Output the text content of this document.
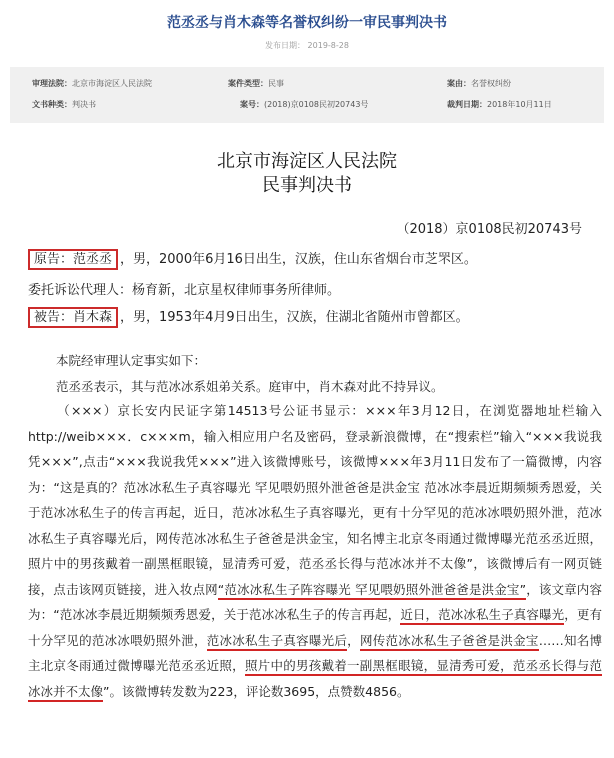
范丞丞与肖木森等名誉权纠纷一审民事判决书
发布日期： 2019-8-28
审理法院：北京市海淀区人民法院	案件类型：民事	案由：名誉权纠纷
文书种类：判决书	案号：(2018)京0108民初20743号	裁判日期：2018年10月11日
北京市海淀区人民法院
民事判决书
（2018）京0108民初20743号
原告：范丞丞 ，男，2000年6月16日出生，汉族，住山东省烟台市芝罘区。
委托诉讼代理人：杨育新，北京星权律师事务所律师。
被告：肖木森 ，男，1953年4月9日出生，汉族，住湖北省随州市曾都区。
本院经审理认定事实如下：
范丞丞表示，其与范冰冰系姐弟关系。庭审中，肖木森对此不持异议。
（×××）京长安内民证字第14513号公证书显示：×××年3月12日，在浏览器地址栏输入http://weib×××．c×××m，输入相应用户名及密码，登录新浪微博，在“搜索栏”输入“×××我说我凭×××”,点击“×××我说我凭×××”进入该微博账号，该微博×××年3月11日发布了一篇微博，内容为：“这是真的？范冰冰私生子真容曝光 罕见喂奶照外泄爸爸是洪金宝 范冰冰李晨近期频频秀恩爱，关于范冰冰私生子的传言再起，近日，范冰冰私生子真容曝光，更有十分罕见的范冰冰喂奶照外泄，范冰冰私生子真容曝光后，网传范冰冰私生子爸爸是洪金宝，知名博主北京冬雨通过微博曝光范丞丞近照，照片中的男孩戴着一副黑框眼镜，显清秀可爱，范丞丞长得与范冰冰并不太像”，该微博后有一网页链接，点击该网页链接，进入妆点网“范冰冰私生子阵容曝光 罕见喂奶照外泄爸爸是洪金宝”，该文章内容为：“范冰冰李晨近期频频秀恩爱，关于范冰冰私生子的传言再起，近日，范冰冰私生子真容曝光，更有十分罕见的范冰冰喂奶照外泄，范冰冰私生子真容曝光后，网传范冰冰私生子爸爸是洪金宝……知名博主北京冬雨通过微博曝光范丞丞近照，照片中的男孩戴着一副黑框眼镜，显清秀可爱，范丞丞长得与范冰冰并不太像”。该微博转发数为223，评论数3695，点赞数4856。
